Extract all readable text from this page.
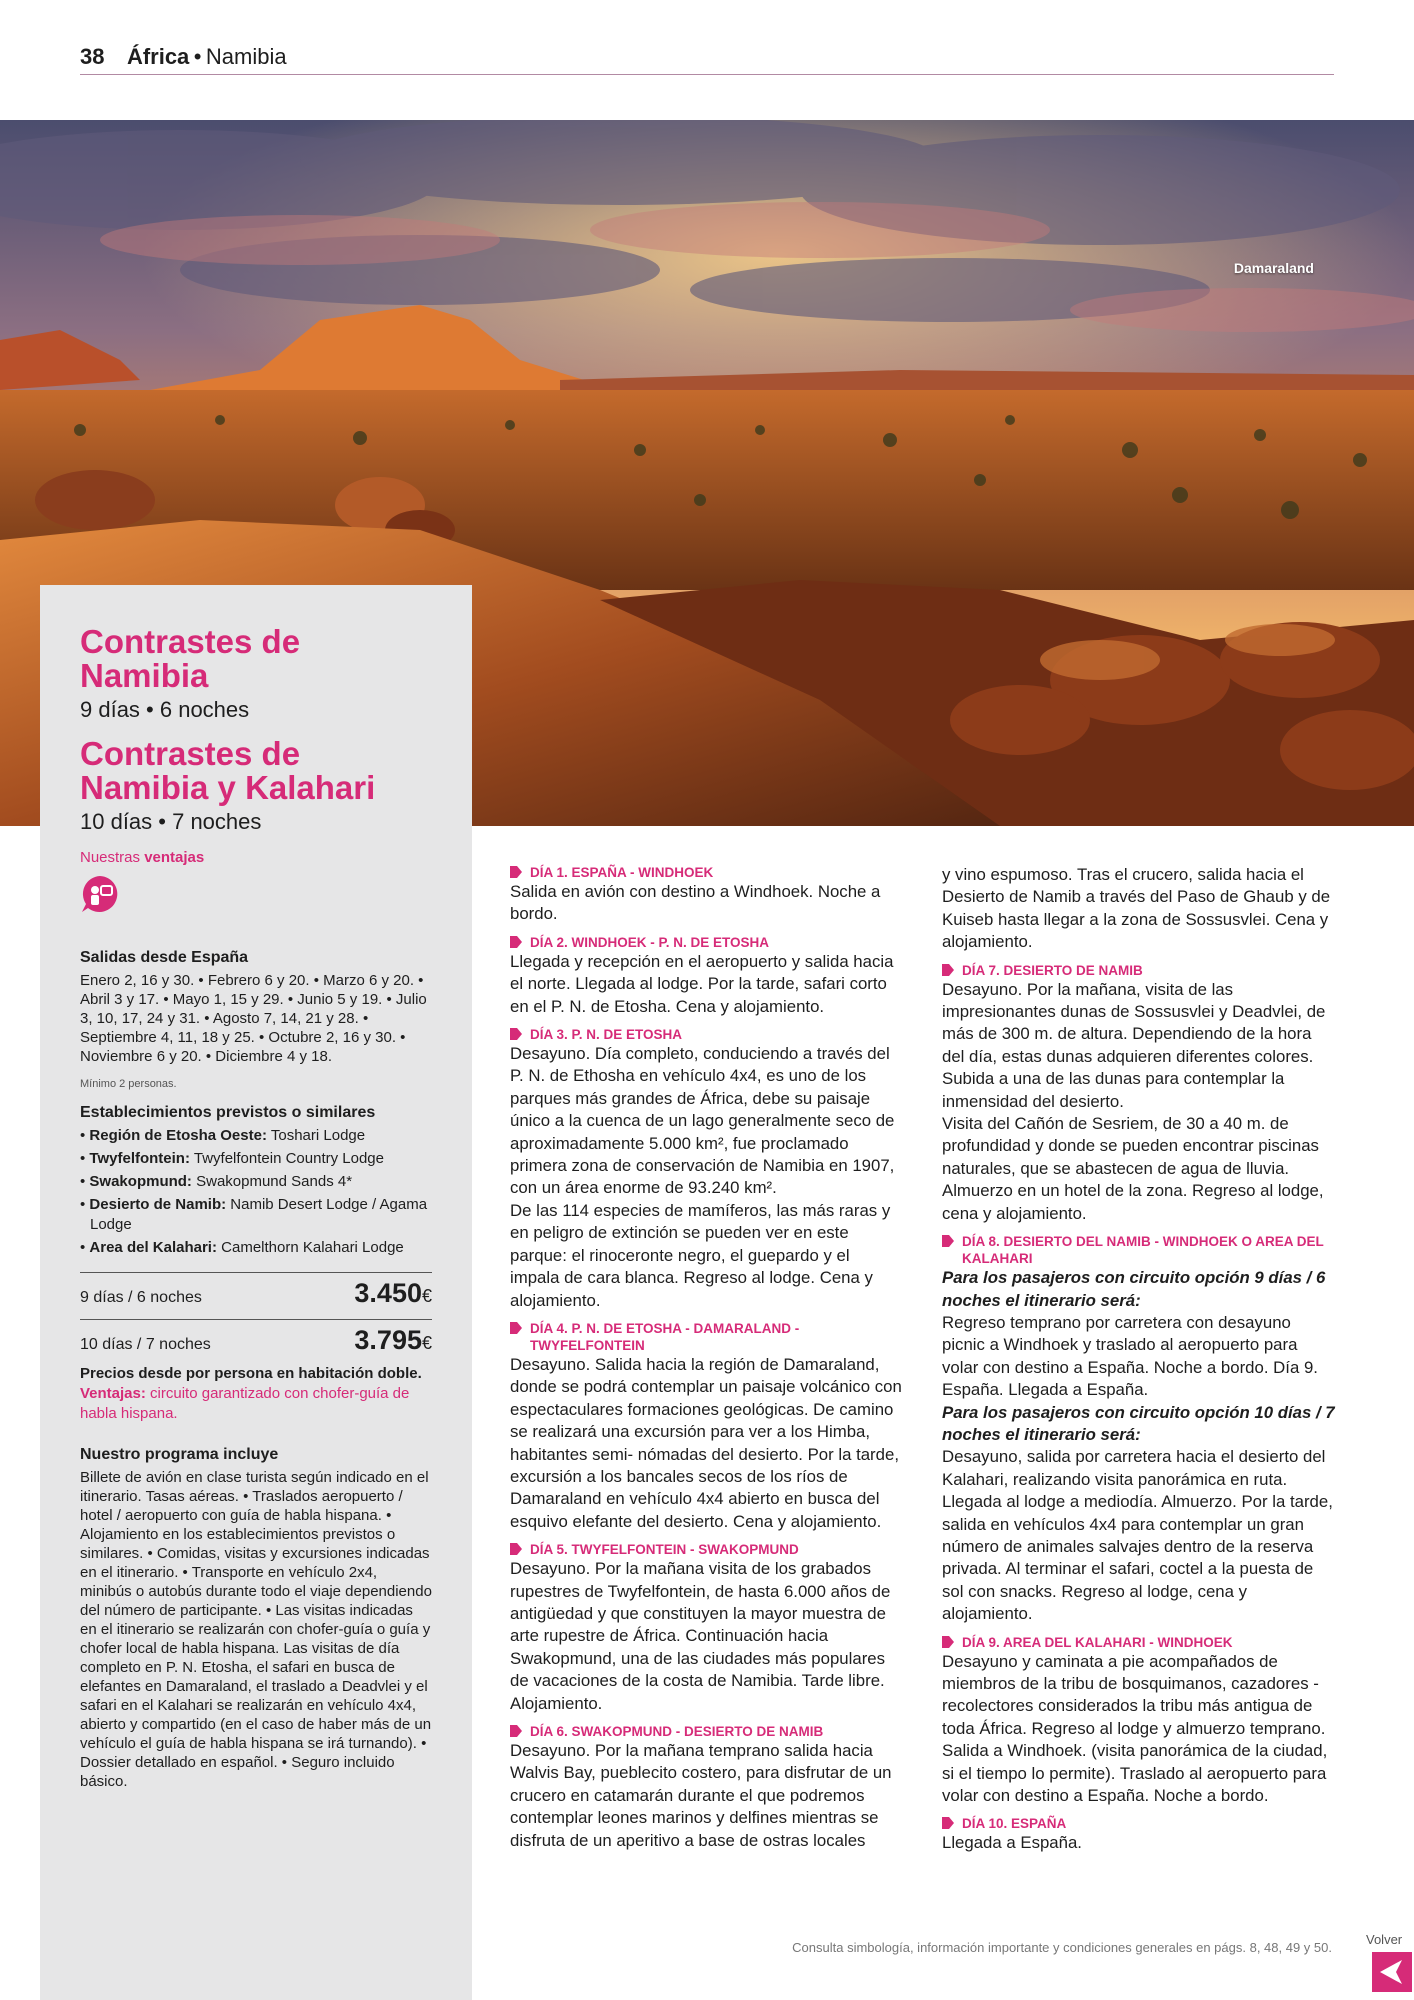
38 África • Namibia
Damaraland
Contrastes de Namibia
9 días • 6 noches
Contrastes de Namibia y Kalahari
10 días • 7 noches
Nuestras ventajas
Salidas desde España

Enero 2, 16 y 30. • Febrero 6 y 20. • Marzo 6 y 20. • Abril 3 y 17. • Mayo 1, 15 y 29. • Junio 5 y 19. • Julio 3, 10, 17, 24 y 31. • Agosto 7, 14, 21 y 28. • Septiembre 4, 11, 18 y 25. • Octubre 2, 16 y 30. • Noviembre 6 y 20. • Diciembre 4 y 18.

Mínimo 2 personas.
Establecimientos previstos o similares
• Región de Etosha Oeste: Toshari Lodge
• Twyfelfontein: Twyfelfontein Country Lodge
• Swakopmund: Swakopmund Sands 4*
• Desierto de Namib: Namib Desert Lodge / Agama Lodge
• Area del Kalahari: Camelthorn Kalahari Lodge
9 días / 6 noches	3.450€
10 días / 7 noches	3.795€
Precios desde por persona en habitación doble. Ventajas: circuito garantizado con chofer-guía de habla hispana.
Nuestro programa incluye

Billete de avión en clase turista según indicado en el itinerario. Tasas aéreas. • Traslados aeropuerto / hotel / aeropuerto con guía de habla hispana. • Alojamiento en los establecimientos previstos o similares. • Comidas, visitas y excursiones indicadas en el itinerario. • Transporte en vehículo 2x4, minibús o autobús durante todo el viaje dependiendo del número de participante. • Las visitas indicadas en el itinerario se realizarán con chofer-guía o guía y chofer local de habla hispana. Las visitas de día completo en P. N. Etosha, el safari en busca de elefantes en Damaraland, el traslado a Deadvlei y el safari en el Kalahari se realizarán en vehículo 4x4, abierto y compartido (en el caso de haber más de un vehículo el guía de habla hispana se irá turnando). • Dossier detallado en español. • Seguro incluido básico.

DÍA 1. ESPAÑA - WINDHOEK

Salida en avión con destino a Windhoek. Noche a bordo.

DÍA 2. WINDHOEK - P. N. DE ETOSHA

Llegada y recepción en el aeropuerto y salida hacia el norte. Llegada al lodge. Por la tarde, safari corto en el P. N. de Etosha. Cena y alojamiento.

DÍA 3. P. N. DE ETOSHA

Desayuno. Día completo, conduciendo a través del P. N. de Ethosha en vehículo 4x4, es uno de los parques más grandes de África, debe su paisaje único a la cuenca de un lago generalmente seco de aproximadamente 5.000 km², fue proclamado primera zona de conservación de Namibia en 1907, con un área enorme de 93.240 km².

De las 114 especies de mamíferos, las más raras y en peligro de extinción se pueden ver en este parque: el rinoceronte negro, el guepardo y el impala de cara blanca. Regreso al lodge. Cena y alojamiento.

DÍA 4. P. N. DE ETOSHA - DAMARALAND - TWYFELFONTEIN

Desayuno. Salida hacia la región de Damaraland, donde se podrá contemplar un paisaje volcánico con espectaculares formaciones geológicas. De camino se realizará una excursión para ver a los Himba, habitantes semi- nómadas del desierto. Por la tarde, excursión a los bancales secos de los ríos de Damaraland en vehículo 4x4 abierto en busca del esquivo elefante del desierto. Cena y alojamiento.

DÍA 5. TWYFELFONTEIN - SWAKOPMUND

Desayuno. Por la mañana visita de los grabados rupestres de Twyfelfontein, de hasta 6.000 años de antigüedad y que constituyen la mayor muestra de arte rupestre de África. Continuación hacia Swakopmund, una de las ciudades más populares de vacaciones de la costa de Namibia. Tarde libre. Alojamiento.

DÍA 6. SWAKOPMUND - DESIERTO DE NAMIB

Desayuno. Por la mañana temprano salida hacia Walvis Bay, pueblecito costero, para disfrutar de un crucero en catamarán durante el que podremos contemplar leones marinos y delfines mientras se disfruta de un aperitivo a base de ostras locales

y vino espumoso. Tras el crucero, salida hacia el Desierto de Namib a través del Paso de Ghaub y de Kuiseb hasta llegar a la zona de Sossusvlei. Cena y alojamiento.

DÍA 7. DESIERTO DE NAMIB

Desayuno. Por la mañana, visita de las impresionantes dunas de Sossusvlei y Deadvlei, de más de 300 m. de altura. Dependiendo de la hora del día, estas dunas adquieren diferentes colores. Subida a una de las dunas para contemplar la inmensidad del desierto.

Visita del Cañón de Sesriem, de 30 a 40 m. de profundidad y donde se pueden encontrar piscinas naturales, que se abastecen de agua de lluvia. Almuerzo en un hotel de la zona. Regreso al lodge, cena y alojamiento.

DÍA 8. DESIERTO DEL NAMIB - WINDHOEK O AREA DEL KALAHARI

Para los pasajeros con circuito opción 9 días / 6 noches el itinerario será:

Regreso temprano por carretera con desayuno picnic a Windhoek y traslado al aeropuerto para volar con destino a España. Noche a bordo. Día 9. España. Llegada a España.

Para los pasajeros con circuito opción 10 días / 7 noches el itinerario será:

Desayuno, salida por carretera hacia el desierto del Kalahari, realizando visita panorámica en ruta. Llegada al lodge a mediodía. Almuerzo. Por la tarde, salida en vehículos 4x4 para contemplar un gran número de animales salvajes dentro de la reserva privada. Al terminar el safari, coctel a la puesta de sol con snacks. Regreso al lodge, cena y alojamiento.

DÍA 9. AREA DEL KALAHARI - WINDHOEK

Desayuno y caminata a pie acompañados de miembros de la tribu de bosquimanos, cazadores - recolectores considerados la tribu más antigua de toda África. Regreso al lodge y almuerzo temprano. Salida a Windhoek. (visita panorámica de la ciudad, si el tiempo lo permite). Traslado al aeropuerto para volar con destino a España. Noche a bordo.

DÍA 10. ESPAÑA

Llegada a España.

Consulta simbología, información importante y condiciones generales en págs. 8, 48, 49 y 50.
Volver
